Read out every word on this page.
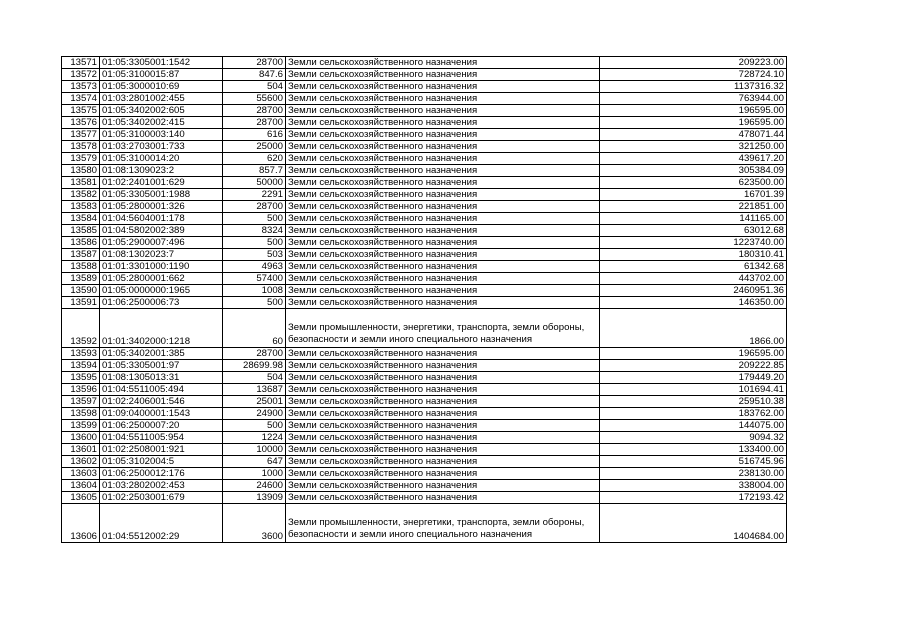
13571	01:05:3305001:1542	28700	Земли сельскохозяйственного назначения	209223.00
13572	01:05:3100015:87	847.6	Земли сельскохозяйственного назначения	728724.10
13573	01:05:3000010:69	504	Земли сельскохозяйственного назначения	1137316.32
13574	01:03:2801002:455	55600	Земли сельскохозяйственного назначения	763944.00
13575	01:05:3402002:605	28700	Земли сельскохозяйственного назначения	196595.00
13576	01:05:3402002:415	28700	Земли сельскохозяйственного назначения	196595.00
13577	01:05:3100003:140	616	Земли сельскохозяйственного назначения	478071.44
13578	01:03:2703001:733	25000	Земли сельскохозяйственного назначения	321250.00
13579	01:05:3100014:20	620	Земли сельскохозяйственного назначения	439617.20
13580	01:08:1309023:2	857.7	Земли сельскохозяйственного назначения	305384.09
13581	01:02:2401001:629	50000	Земли сельскохозяйственного назначения	623500.00
13582	01:05:3305001:1988	2291	Земли сельскохозяйственного назначения	16701.39
13583	01:05:2800001:326	28700	Земли сельскохозяйственного назначения	221851.00
13584	01:04:5604001:178	500	Земли сельскохозяйственного назначения	141165.00
13585	01:04:5802002:389	8324	Земли сельскохозяйственного назначения	63012.68
13586	01:05:2900007:496	500	Земли сельскохозяйственного назначения	1223740.00
13587	01:08:1302023:7	503	Земли сельскохозяйственного назначения	180310.41
13588	01:01:3301000:1190	4963	Земли сельскохозяйственного назначения	61342.68
13589	01:05:2800001:662	57400	Земли сельскохозяйственного назначения	443702.00
13590	01:05:0000000:1965	1008	Земли сельскохозяйственного назначения	2460951.36
13591	01:06:2500006:73	500	Земли сельскохозяйственного назначения	146350.00
13592	01:01:3402000:1218	60	Земли промышленности, энергетики, транспорта, земли обороны, безопасности и земли иного специального назначения	1866.00
13593	01:05:3402001:385	28700	Земли сельскохозяйственного назначения	196595.00
13594	01:05:3305001:97	28699.98	Земли сельскохозяйственного назначения	209222.85
13595	01:08:1305013:31	504	Земли сельскохозяйственного назначения	179449.20
13596	01:04:5511005:494	13687	Земли сельскохозяйственного назначения	101694.41
13597	01:02:2406001:546	25001	Земли сельскохозяйственного назначения	259510.38
13598	01:09:0400001:1543	24900	Земли сельскохозяйственного назначения	183762.00
13599	01:06:2500007:20	500	Земли сельскохозяйственного назначения	144075.00
13600	01:04:5511005:954	1224	Земли сельскохозяйственного назначения	9094.32
13601	01:02:2508001:921	10000	Земли сельскохозяйственного назначения	133400.00
13602	01:05:3102004:5	647	Земли сельскохозяйственного назначения	516745.96
13603	01:06:2500012:176	1000	Земли сельскохозяйственного назначения	238130.00
13604	01:03:2802002:453	24600	Земли сельскохозяйственного назначения	338004.00
13605	01:02:2503001:679	13909	Земли сельскохозяйственного назначения	172193.42
13606	01:04:5512002:29	3600	Земли промышленности, энергетики, транспорта, земли обороны, безопасности и земли иного специального назначения	1404684.00
